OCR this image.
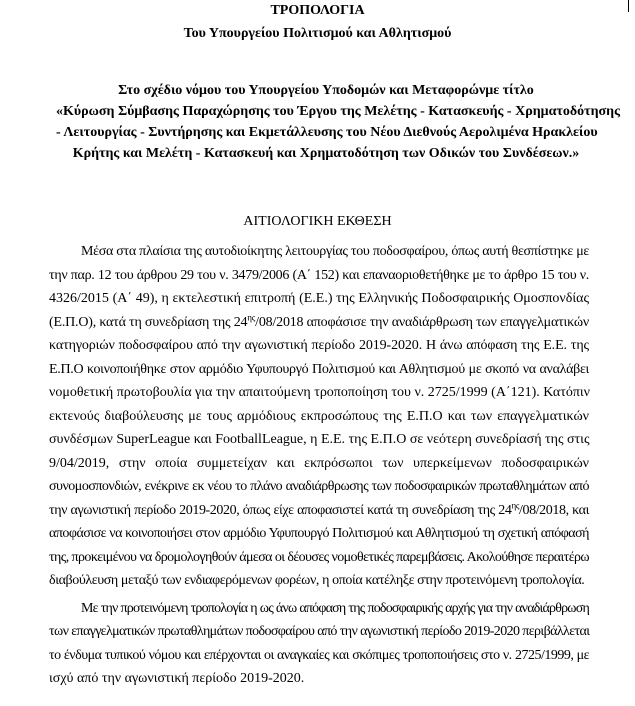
ΤΡΟΠΟΛΟΓΙΑ
Του Υπουργείου Πολιτισμού και Αθλητισμού
Στο σχέδιο νόμου του Υπουργείου Υποδομών και Μεταφορώνμε τίτλο
«Κύρωση Σύμβασης Παραχώρησης του Έργου της Μελέτης - Κατασκευής - Χρηματοδότησης
- Λειτουργίας - Συντήρησης και Εκμετάλλευσης του Νέου Διεθνούς Αερολιμένα Ηρακλείου
Κρήτης και Μελέτη - Κατασκευή και Χρηματοδότηση των Οδικών του Συνδέσεων.»
ΑΙΤΙΟΛΟΓΙΚΗ ΕΚΘΕΣΗ
Μέσα στα πλαίσια της αυτοδιοίκητης λειτουργίας του ποδοσφαίρου, όπως αυτή θεσπίστηκε με
την παρ. 12 του άρθρου 29 του ν. 3479/2006 (Α΄ 152) και επαναοριοθετήθηκε με το άρθρο 15 του ν.
4326/2015 (Α΄ 49), η εκτελεστική επιτροπή (Ε.Ε.) της Ελληνικής Ποδοσφαιρικής Ομοσπονδίας
(Ε.Π.Ο), κατά τη συνεδρίαση της $24^{\eta\varsigma}/08/2018$ αποφάσισε την αναδιάρθρωση των επαγγελματικών
κατηγοριών ποδοσφαίρου από την αγωνιστική περίοδο 2019-2020. Η άνω απόφαση της Ε.Ε. της
Ε.Π.Ο κοινοποιήθηκε στον αρμόδιο Υφυπουργό Πολιτισμού και Αθλητισμού με σκοπό να αναλάβει
νομοθετική πρωτοβουλία για την απαιτούμενη τροποποίηση του ν. 2725/1999 (Α΄121). Κατόπιν
εκτενούς διαβούλευσης με τους αρμόδιους εκπροσώπους της Ε.Π.Ο και των επαγγελματικών
συνδέσμων SuperLeague και FootballLeague, η Ε.Ε. της Ε.Π.Ο σε νεότερη συνεδρίασή της στις
9/04/2019, στην οποία συμμετείχαν και εκπρόσωποι των υπερκείμενων ποδοσφαιρικών
συνομοσπονδιών, ενέκρινε εκ νέου το πλάνο αναδιάρθρωσης των ποδοσφαιρικών πρωταθλημάτων από
την αγωνιστική περίοδο 2019-2020, όπως είχε αποφασιστεί κατά τη συνεδρίαση της $24^{\eta\varsigma}/08/2018$, και
αποφάσισε να κοινοποιήσει στον αρμόδιο Υφυπουργό Πολιτισμού και Αθλητισμού τη σχετική απόφασή
της, προκειμένου να δρομολογηθούν άμεσα οι δέουσες νομοθετικές παρεμβάσεις. Ακολούθησε περαιτέρω
διαβούλευση μεταξύ των ενδιαφερόμενων φορέων, η οποία κατέληξε στην προτεινόμενη τροπολογία.
Με την προτεινόμενη τροπολογία η ως άνω απόφαση της ποδοσφαιρικής αρχής για την αναδιάρθρωση
των επαγγελματικών πρωταθλημάτων ποδοσφαίρου από την αγωνιστική περίοδο 2019-2020 περιβάλλεται
το ένδυμα τυπικού νόμου και επέρχονται οι αναγκαίες και σκόπιμες τροποποιήσεις στο ν. 2725/1999, με
ισχύ από την αγωνιστική περίοδο 2019-2020.
